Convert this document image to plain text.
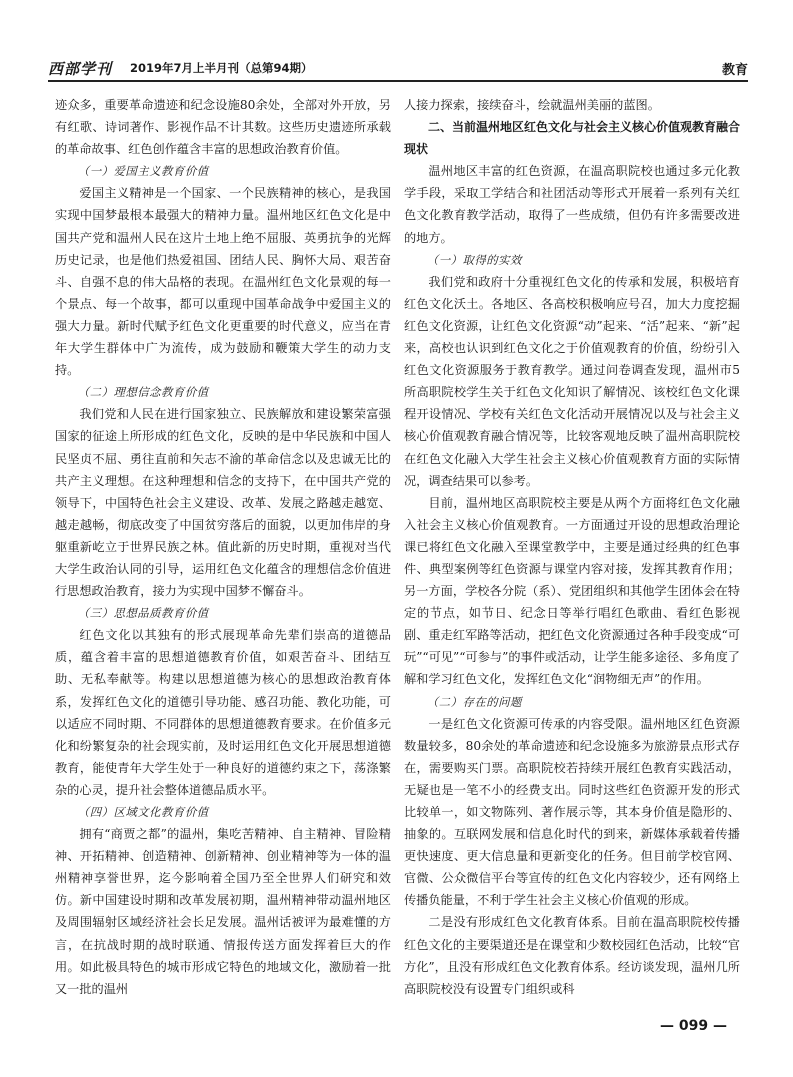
西部学刊 2019年7月上半月刊（总第94期）	教育

迹众多，重要革命遗迹和纪念设施80余处，全部对外开放，另有红歌、诗词著作、影视作品不计其数。这些历史遗迹所承载的革命故事、红色创作蕴含丰富的思想政治教育价值。

（一）爱国主义教育价值

爱国主义精神是一个国家、一个民族精神的核心，是我国实现中国梦最根本最强大的精神力量。温州地区红色文化是中国共产党和温州人民在这片土地上绝不屈服、英勇抗争的光辉历史记录，也是他们热爱祖国、团结人民、胸怀大局、艰苦奋斗、自强不息的伟大品格的表现。在温州红色文化景观的每一个景点、每一个故事，都可以重现中国革命战争中爱国主义的强大力量。新时代赋予红色文化更重要的时代意义，应当在青年大学生群体中广为流传，成为鼓励和鞭策大学生的动力支持。

（二）理想信念教育价值

我们党和人民在进行国家独立、民族解放和建设繁荣富强国家的征途上所形成的红色文化，反映的是中华民族和中国人民坚贞不屈、勇往直前和矢志不渝的革命信念以及忠诚无比的共产主义理想。在这种理想和信念的支持下，在中国共产党的领导下，中国特色社会主义建设、改革、发展之路越走越宽、越走越畅，彻底改变了中国贫穷落后的面貌，以更加伟岸的身躯重新屹立于世界民族之林。值此新的历史时期，重视对当代大学生政治认同的引导，运用红色文化蕴含的理想信念价值进行思想政治教育，接力为实现中国梦不懈奋斗。

（三）思想品质教育价值

红色文化以其独有的形式展现革命先辈们崇高的道德品质，蕴含着丰富的思想道德教育价值，如艰苦奋斗、团结互助、无私奉献等。构建以思想道德为核心的思想政治教育体系，发挥红色文化的道德引导功能、感召功能、教化功能，可以适应不同时期、不同群体的思想道德教育要求。在价值多元化和纷繁复杂的社会现实前，及时运用红色文化开展思想道德教育，能使青年大学生处于一种良好的道德约束之下，荡涤繁杂的心灵，提升社会整体道德品质水平。

（四）区域文化教育价值

拥有“商贾之都”的温州，集吃苦精神、自主精神、冒险精神、开拓精神、创造精神、创新精神、创业精神等为一体的温州精神享誉世界，迄今影响着全国乃至全世界人们研究和效仿。新中国建设时期和改革发展初期，温州精神带动温州地区及周围辐射区域经济社会长足发展。温州话被评为最难懂的方言，在抗战时期的战时联通、情报传送方面发挥着巨大的作用。如此极具特色的城市形成它特色的地域文化，激励着一批又一批的温州

人接力探索，接续奋斗，绘就温州美丽的蓝图。

二、当前温州地区红色文化与社会主义核心价值观教育融合现状

温州地区丰富的红色资源，在温高职院校也通过多元化教学手段，采取工学结合和社团活动等形式开展着一系列有关红色文化教育教学活动，取得了一些成绩，但仍有许多需要改进的地方。

（一）取得的实效

我们党和政府十分重视红色文化的传承和发展，积极培育红色文化沃土。各地区、各高校积极响应号召，加大力度挖掘红色文化资源，让红色文化资源“动”起来、“活”起来、“新”起来，高校也认识到红色文化之于价值观教育的价值，纷纷引入红色文化资源服务于教育教学。通过问卷调查发现，温州市5所高职院校学生关于红色文化知识了解情况、该校红色文化课程开设情况、学校有关红色文化活动开展情况以及与社会主义核心价值观教育融合情况等，比较客观地反映了温州高职院校在红色文化融入大学生社会主义核心价值观教育方面的实际情况，调查结果可以参考。

目前，温州地区高职院校主要是从两个方面将红色文化融入社会主义核心价值观教育。一方面通过开设的思想政治理论课已将红色文化融入至课堂教学中，主要是通过经典的红色事件、典型案例等红色资源与课堂内容对接，发挥其教育作用；另一方面，学校各分院（系）、党团组织和其他学生团体会在特定的节点，如节日、纪念日等举行唱红色歌曲、看红色影视剧、重走红军路等活动，把红色文化资源通过各种手段变成“可玩”“可见”“可参与”的事件或活动，让学生能多途径、多角度了解和学习红色文化，发挥红色文化“润物细无声”的作用。

（二）存在的问题

一是红色文化资源可传承的内容受限。温州地区红色资源数量较多，80余处的革命遗迹和纪念设施多为旅游景点形式存在，需要购买门票。高职院校若持续开展红色教育实践活动，无疑也是一笔不小的经费支出。同时这些红色资源开发的形式比较单一，如文物陈列、著作展示等，其本身价值是隐形的、抽象的。互联网发展和信息化时代的到来，新媒体承载着传播更快速度、更大信息量和更新变化的任务。但目前学校官网、官微、公众微信平台等宣传的红色文化内容较少，还有网络上传播负能量，不利于学生社会主义核心价值观的形成。

二是没有形成红色文化教育体系。目前在温高职院校传播红色文化的主要渠道还是在课堂和少数校园红色活动，比较“官方化”，且没有形成红色文化教育体系。经访谈发现，温州几所高职院校没有设置专门组织或科

— 099 —
